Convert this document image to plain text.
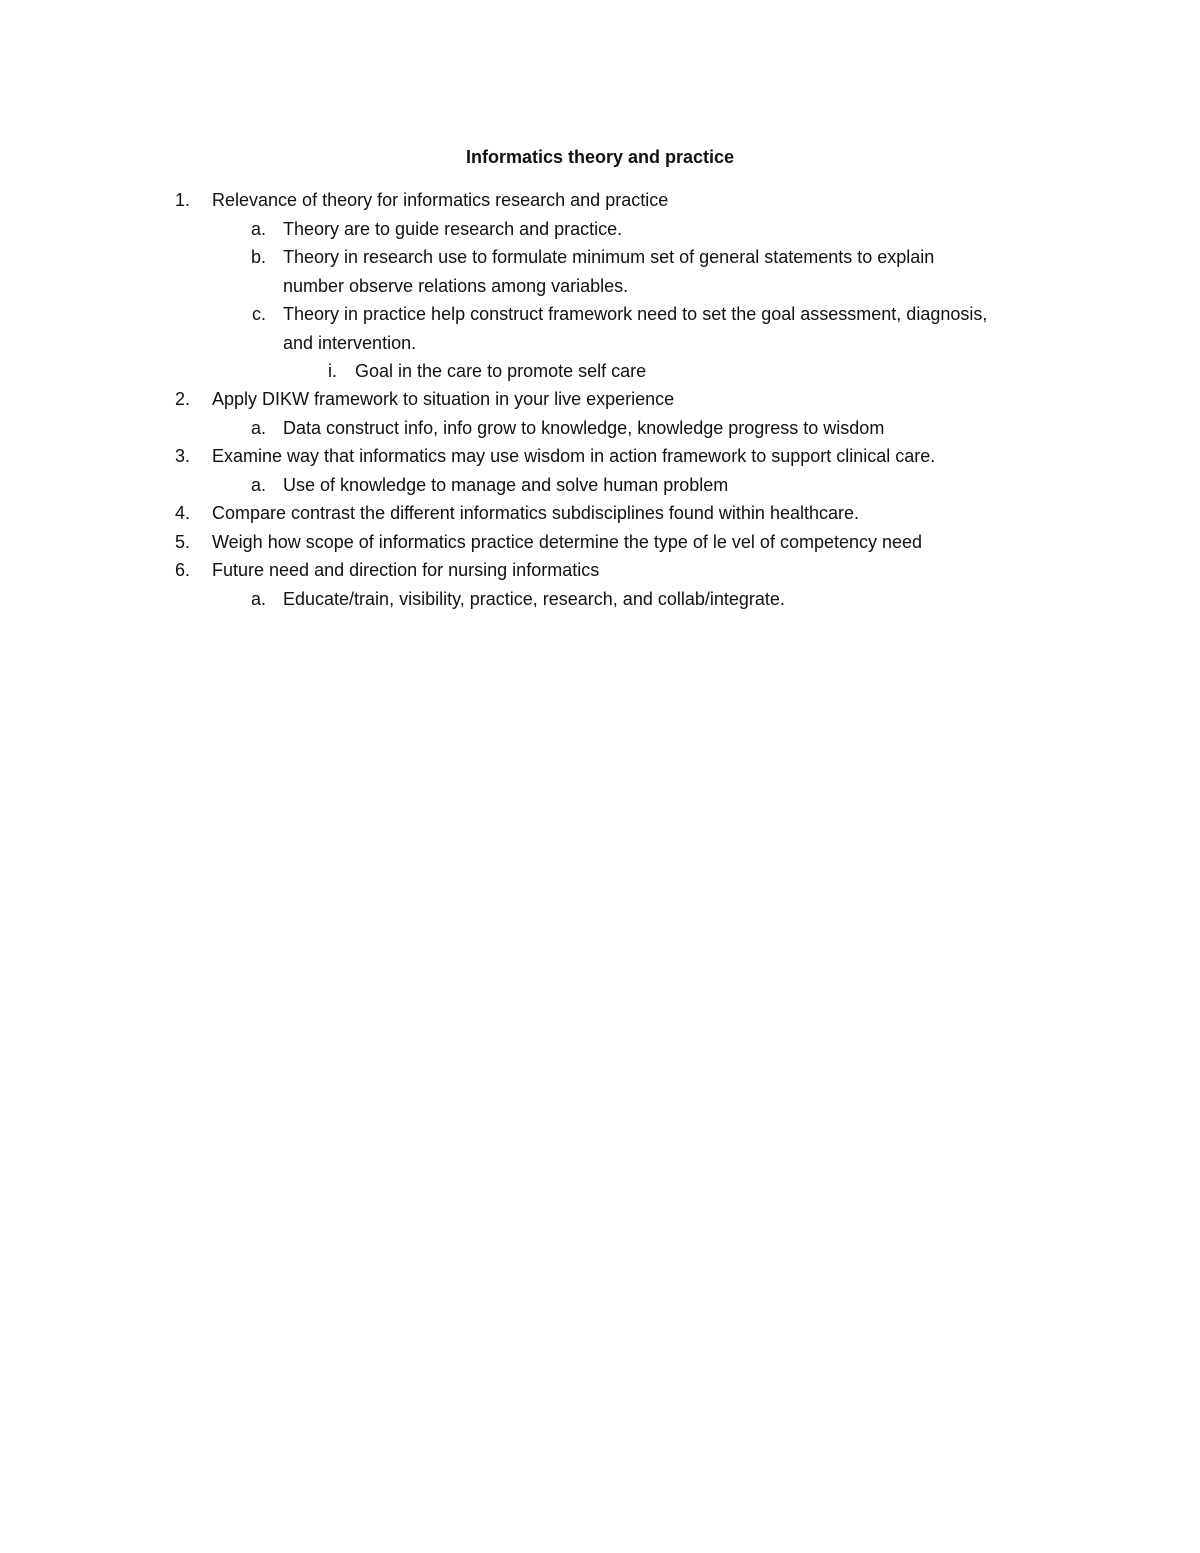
Informatics theory and practice
1. Relevance of theory for informatics research and practice
a. Theory are to guide research and practice.
b. Theory in research use to formulate minimum set of general statements to explain
number observe relations among variables.
c. Theory in practice help construct framework need to set the goal assessment, diagnosis,
and intervention.
i. Goal in the care to promote self care
2. Apply DIKW framework to situation in your live experience
a. Data construct info, info grow to knowledge, knowledge progress to wisdom
3. Examine way that informatics may use wisdom in action framework to support clinical care.
a. Use of knowledge to manage and solve human problem
4. Compare contrast the different informatics subdisciplines found within healthcare.
5. Weigh how scope of informatics practice determine the type of le vel of competency need
6. Future need and direction for nursing informatics
a. Educate/train, visibility, practice, research, and collab/integrate.
